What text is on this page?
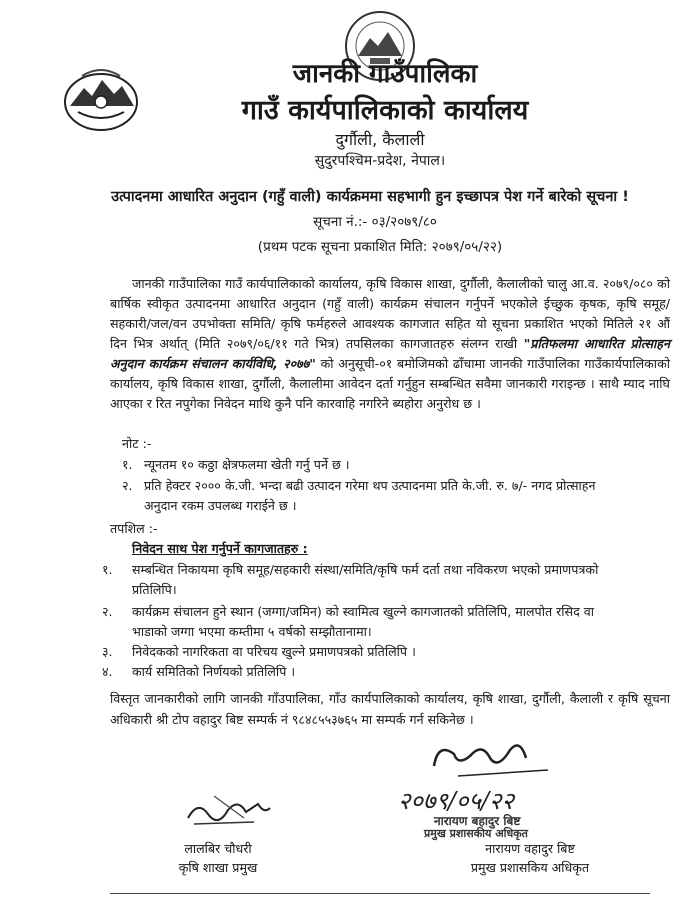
जानकी गाउँपालिका
गाउँ कार्यपालिकाको कार्यालय
दुर्गौली, कैलाली
सुदुरपश्चिम-प्रदेश, नेपाल।
उत्पादनमा आधारित अनुदान (गहुँ वाली) कार्यक्रममा सहभागी हुन इच्छापत्र पेश गर्ने बारेको सूचना !
सूचना नं.:- ०३/२०७९/८०
(प्रथम पटक सूचना प्रकाशित मिति: २०७९/०५/२२)
जानकी गाउँपालिका गाउँ कार्यपालिकाको कार्यालय, कृषि विकास शाखा, दुर्गौली, कैलालीको चालु आ.व. २०७९/०८० को बार्षिक स्वीकृत उत्पादनमा आधारित अनुदान (गहुँ वाली) कार्यक्रम संचालन गर्नुपर्ने भएकोले ईच्छुक कृषक, कृषि समूह/सहकारी/जल/वन उपभोक्ता समिति/ कृषि फर्महरुले आवश्यक कागजात सहित यो सूचना प्रकाशित भएको मितिले २१ औं दिन भित्र अर्थात् (मिति २०७९/०६/११ गते भित्र) तपसिलका कागजातहरु संलग्न राखी "प्रतिफलमा आधारित प्रोत्साहन अनुदान कार्यक्रम संचालन कार्यविधि, २०७७" को अनुसूची-०१ बमोजिमको ढाँचामा जानकी गाउँपालिका गाउँकार्यपालिकाको कार्यालय, कृषि विकास शाखा, दुर्गौली, कैलालीमा आवेदन दर्ता गर्नुहुन सम्बन्धित सवैमा जानकारी गराइन्छ । साथै म्याद नाघि आएका र रित नपुगेका निवेदन माथि कुनै पनि कारवाहि नगरिने ब्यहोरा अनुरोध छ ।
नोट :-
१. न्यूनतम १० कठ्ठा क्षेत्रफलमा खेती गर्नु पर्ने छ ।
२. प्रति हेक्टर २००० के.जी. भन्दा बढी उत्पादन गरेमा थप उत्पादनमा प्रति के.जी. रु. ७/- नगद प्रोत्साहन
अनुदान रकम उपलब्ध गराईने छ ।
तपशिल :-
निवेदन साथ पेश गर्नुपर्ने कागजातहरु :
१. सम्बन्धित निकायमा कृषि समूह/सहकारी संस्था/समिति/कृषि फर्म दर्ता तथा नविकरण भएको प्रमाणपत्रको
प्रतिलिपि।
२. कार्यक्रम संचालन हुने स्थान (जग्गा/जमिन) को स्वामित्व खुल्ने कागजातको प्रतिलिपि, मालपोत रसिद वा
भाडाको जग्गा भएमा कम्तीमा ५ वर्षको सम्झौतानामा।
३. निवेदकको नागरिकता वा परिचय खुल्ने प्रमाणपत्रको प्रतिलिपि ।
४. कार्य समितिको निर्णयको प्रतिलिपि ।
विस्तृत जानकारीको लागि जानकी गाँउपालिका, गाँउ कार्यपालिकाको कार्यालय, कृषि शाखा, दुर्गौली, कैलाली र कृषि सूचना अधिकारी श्री टोप वहादुर बिष्ट सम्पर्क नं ९८४८५५३७६५ मा सम्पर्क गर्न सकिनेछ ।
२०७९/०५/२२
नारायण बहादुर बिष्ट
प्रमुख प्रशासकीय अधिकृत
लालबिर चौधरी
कृषि शाखा प्रमुख
नारायण वहादुर बिष्ट
प्रमुख प्रशासकिय अधिकृत
